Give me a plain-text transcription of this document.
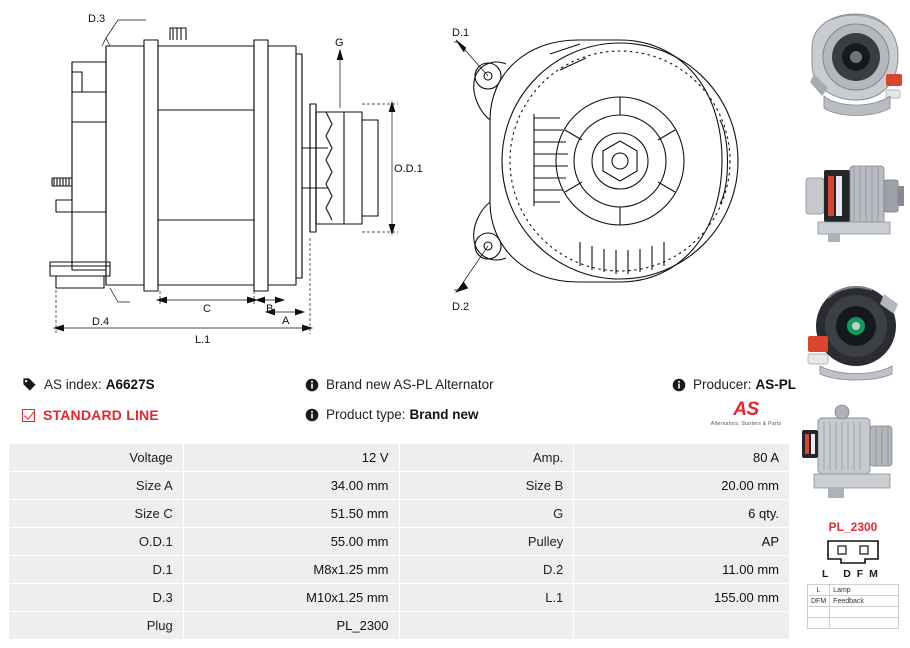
D.3
G
O.D.1
D.4
C	B
A
L.1
D.1
D.2
AS index: A6627S
STANDARD LINE
Brand new AS-PL Alternator
Product type: Brand new
Producer: AS-PL
AS
Alternators, Starters & Parts
Voltage	12 V	Amp.	80 A
Size A	34.00 mm	Size B	20.00 mm
Size C	51.50 mm	G	6 qty.
O.D.1	55.00 mm	Pulley	AP
D.1	M8x1.25 mm	D.2	11.00 mm
D.3	M10x1.25 mm	L.1	155.00 mm
Plug	PL_2300		
PL_2300
L DFM
L	Lamp
DFM	Feedback
